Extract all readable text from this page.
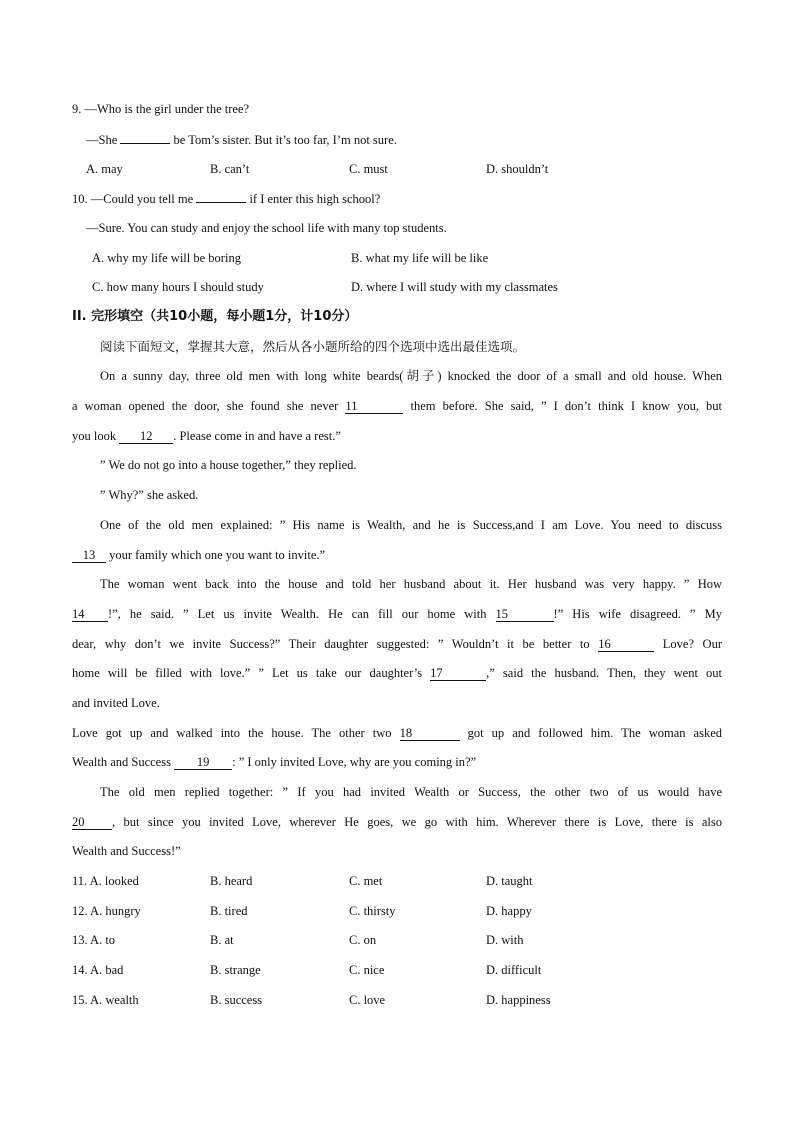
9. —Who is the girl under the tree?
—She	be Tom’s sister. But it’s too far, I’m not sure.
A. may	B. can’t	C. must	D. shouldn’t
10. —Could you tell me	if I enter this high school?
—Sure. You can study and enjoy the school life with many top students.
A. why my life will be boring	B. what my life will be like
C. how many hours I should study	D. where I will study with my classmates
II. 完形填空（共10小题，每小题1分，计10分）
阅读下面短文，掌握其大意，然后从各小题所给的四个选项中选出最佳选项。
On a sunny day, three old men with long white beards(胡子) knocked the door of a small and old house. When
a woman opened the door, she found she never 11	them before. She said, ” I don’t think I know you, but
you look 12 . Please come in and have a rest.”
” We do not go into a house together,” they replied.
” Why?” she asked.
One of the old men explained: ” His name is Wealth, and he is Success,and I am Love. You need to discuss
13 your family which one you want to invite.”
The woman went back into the house and told her husband about it. Her husband was very happy. ” How
14 !”, he said. ” Let us invite Wealth. He can fill our home with 15	!” His wife disagreed. ” My
dear, why don’t we invite Success?” Their daughter suggested: ” Wouldn’t it be better to 16	Love? Our
home will be filled with love.” ” Let us take our daughter’s 17	,” said the husband. Then, they went out
and invited Love.
Love got up and walked into the house. The other two 18	got up and followed him. The woman asked
Wealth and Success 19 : ” I only invited Love, why are you coming in?”
The old men replied together: ” If you had invited Wealth or Success, the other two of us would have
20 , but since you invited Love, wherever He goes, we go with him. Wherever there is Love, there is also
Wealth and Success!”
11. A. looked	B. heard	C. met	D. taught
12. A. hungry	B. tired	C. thirsty	D. happy
13. A. to	B. at	C. on	D. with
14. A. bad	B. strange	C. nice	D. difficult
15. A. wealth	B. success	C. love	D. happiness
